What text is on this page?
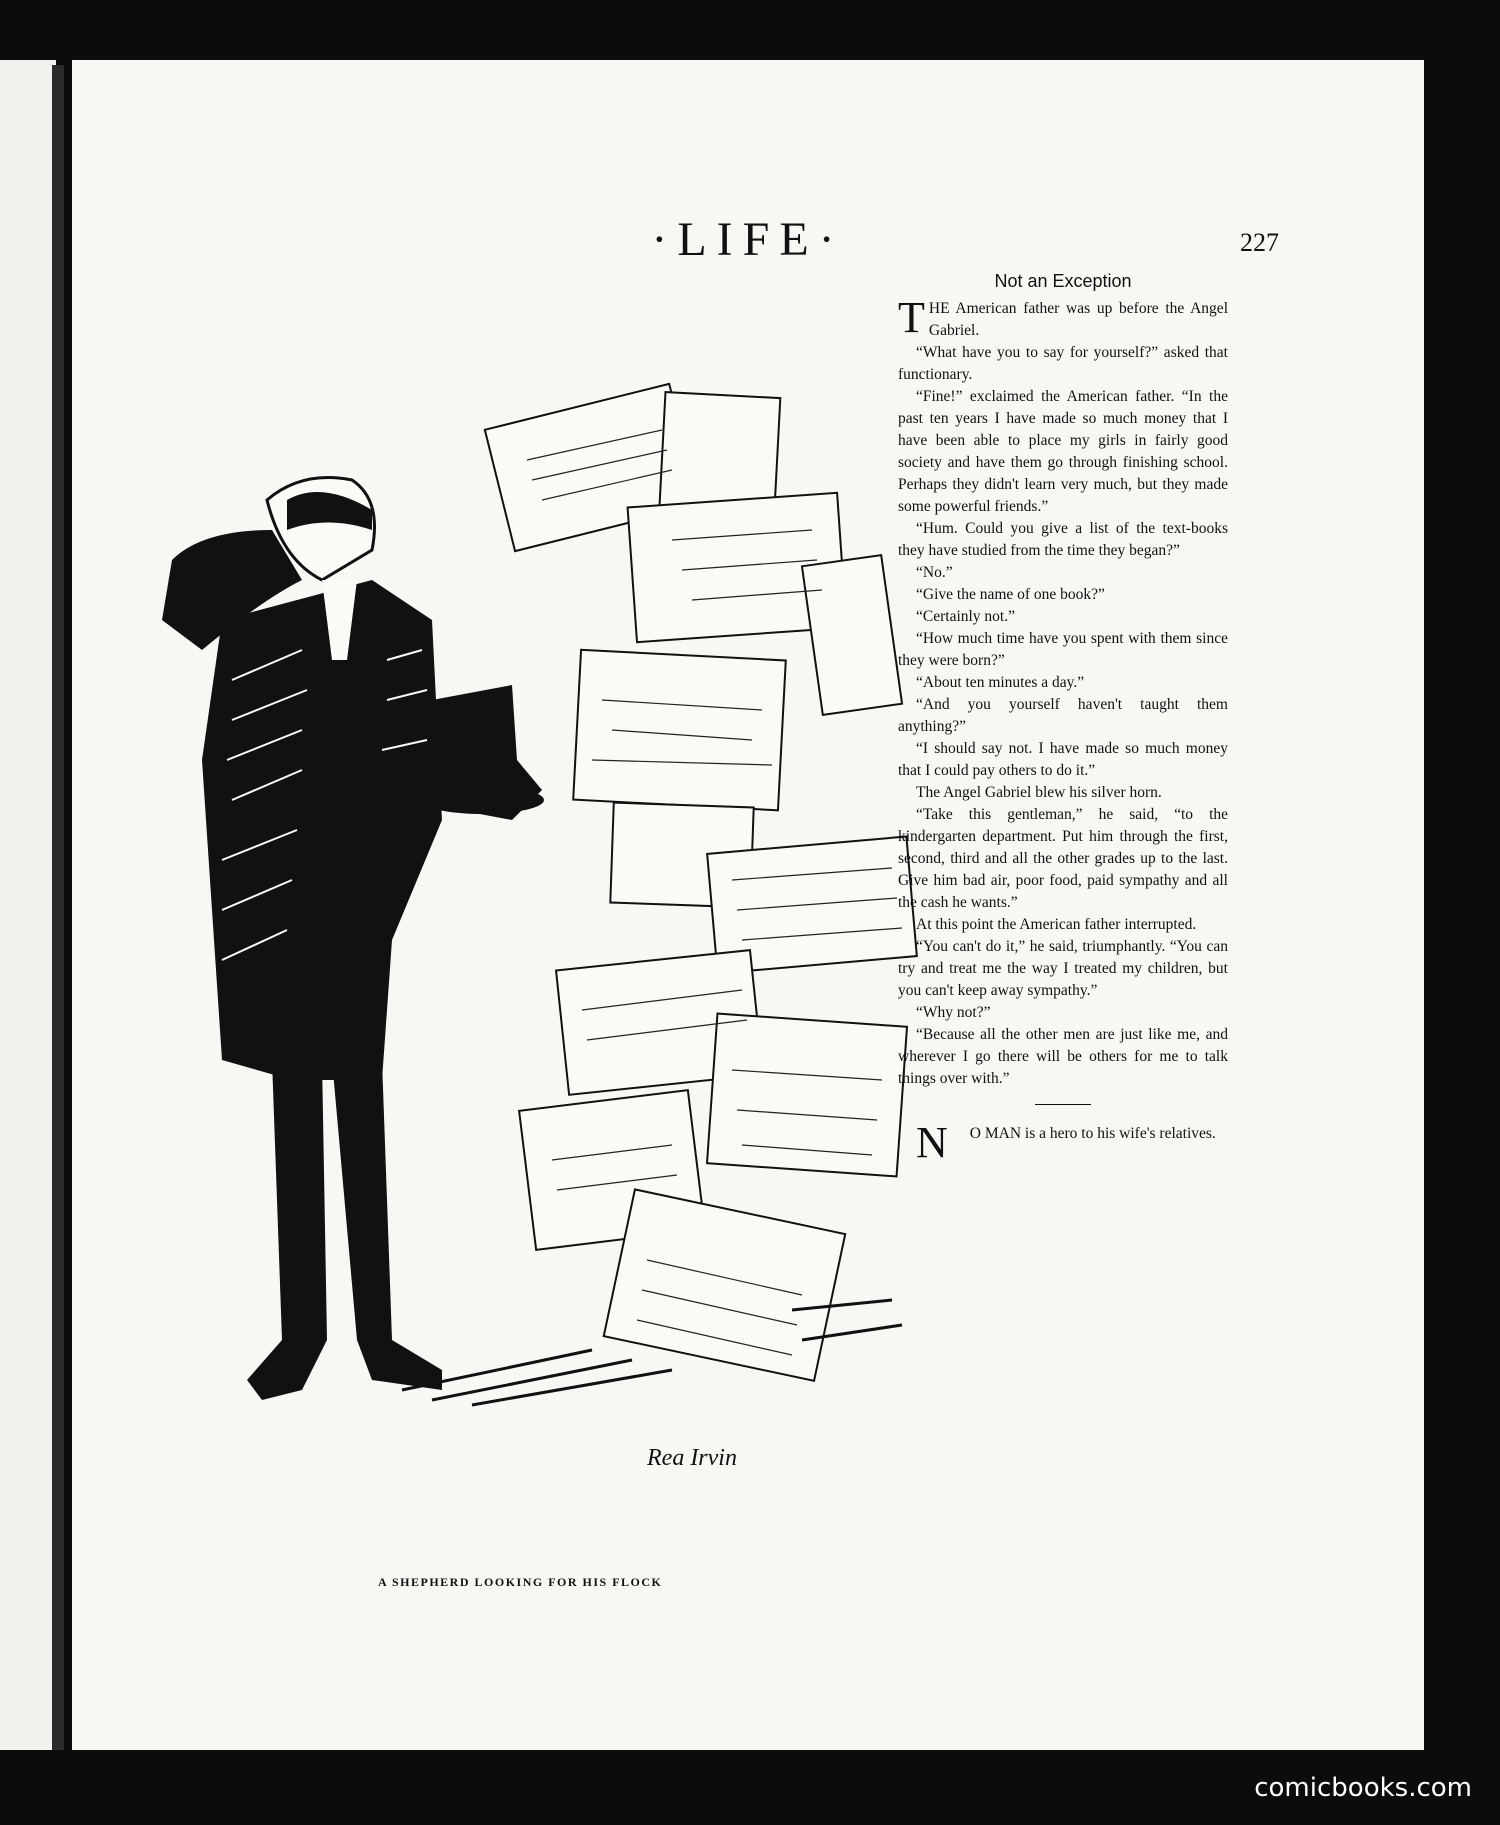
·LIFE·	227
Rea Irvin
A SHEPHERD LOOKING FOR HIS FLOCK
Not an Exception

THE American father was up before the Angel Gabriel.

“What have you to say for yourself?” asked that functionary.

“Fine!” exclaimed the American father. “In the past ten years I have made so much money that I have been able to place my girls in fairly good society and have them go through finishing school. Perhaps they didn't learn very much, but they made some powerful friends.”

“Hum. Could you give a list of the text-books they have studied from the time they began?”

“No.”

“Give the name of one book?”

“Certainly not.”

“How much time have you spent with them since they were born?”

“About ten minutes a day.”

“And you yourself haven't taught them anything?”

“I should say not. I have made so much money that I could pay others to do it.”

The Angel Gabriel blew his silver horn.

“Take this gentleman,” he said, “to the kindergarten department. Put him through the first, second, third and all the other grades up to the last. Give him bad air, poor food, paid sympathy and all the cash he wants.”

At this point the American father interrupted.

“You can't do it,” he said, triumphantly. “You can try and treat me the way I treated my children, but you can't keep away sympathy.”

“Why not?”

“Because all the other men are just like me, and wherever I go there will be others for me to talk things over with.”

N O MAN is a hero to his wife's relatives.

comicbooks.com
